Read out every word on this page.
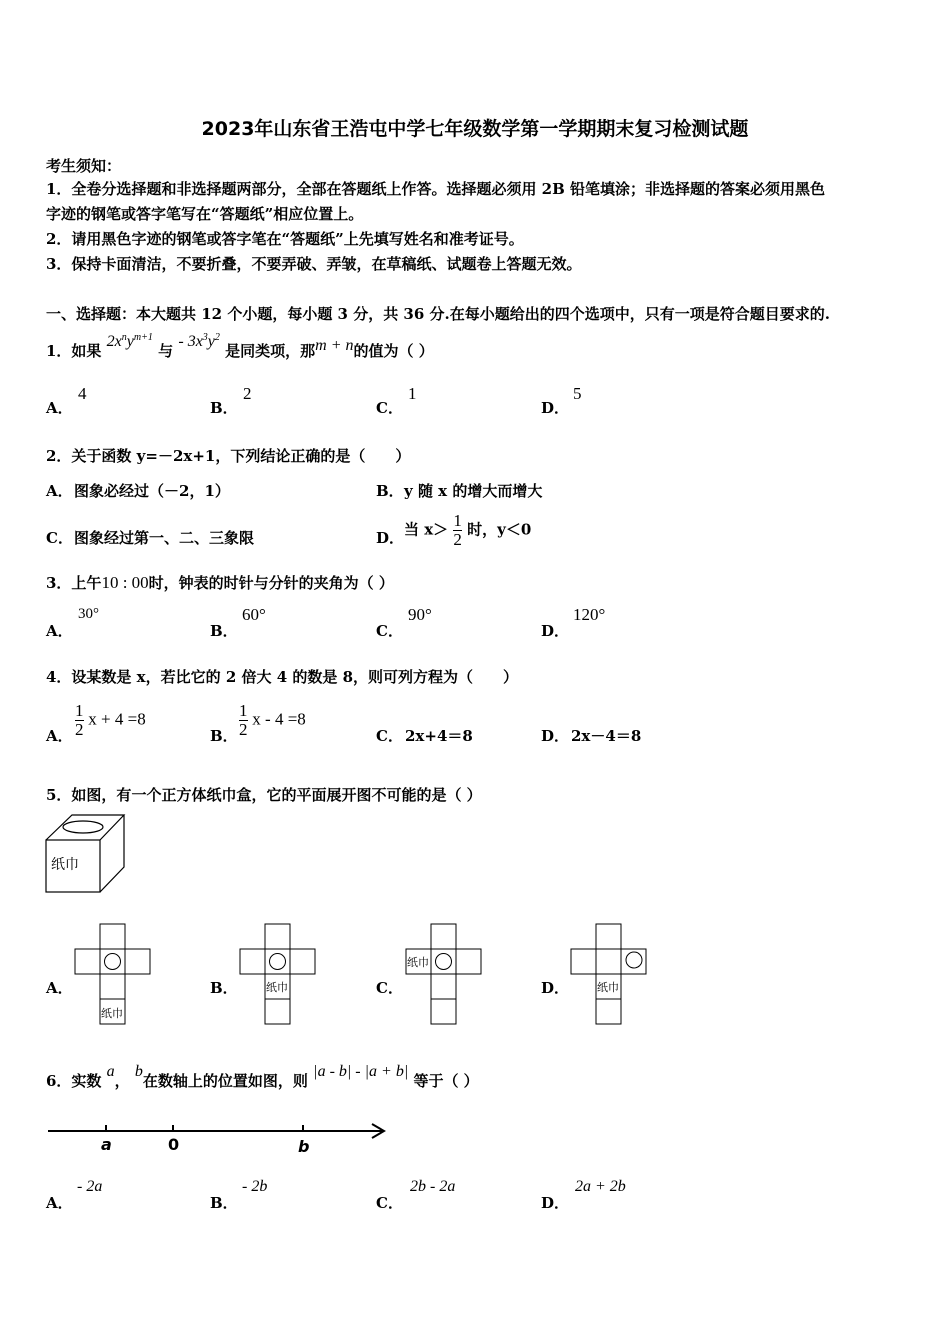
2023年山东省王浩屯中学七年级数学第一学期期末复习检测试题
考生须知：
1．全卷分选择题和非选择题两部分，全部在答题纸上作答。选择题必须用 2B 铅笔填涂；非选择题的答案必须用黑色
字迹的钢笔或答字笔写在“答题纸”相应位置上。
2．请用黑色字迹的钢笔或答字笔在“答题纸”上先填写姓名和准考证号。
3．保持卡面清洁，不要折叠，不要弄破、弄皱，在草稿纸、试题卷上答题无效。
一、选择题：本大题共 12 个小题，每小题 3 分，共 36 分.在每小题给出的四个选项中，只有一项是符合题目要求的.
1．如果 $2x^ny^{m+1}$ 与 - $3x^3y^2$ 是同类项，那m + n的值为（ ）
A．
4
B．
2
C．
1
D．
5
2．关于函数 y=－2x+1，下列结论正确的是（　　）
A． 图象必经过（－2，1）	B． y 随 x 的增大而增大
C． 图象经过第一、二、三象限	D． 当 $x> \frac{1}{2}$ 时，y＜0
3．上午10 : 00时，钟表的时针与分针的夹角为（ ）
A．
30°
B．
60°
C．
90°
D．
120°
4．设某数是 x，若比它的 2 倍大 4 的数是 8，则可列方程为（　　）
A． $\frac{1}{2}$ x + 4 =8
B． $\frac{1}{2}$ x - 4 =8
C． 2x+4＝8	D． 2x－4＝8
5．如图，有一个正方体纸巾盒，它的平面展开图不可能的是（ ）
纸巾
A．
纸巾
B．	纸巾	C．
纸巾
D．	纸巾
6．实数 a， b在数轴上的位置如图，则 |a - b| - |a + b| 等于（ ）
a	0	b
A．
- 2a
B．
- 2b
C．
2b - 2a
D．
2a + 2b
